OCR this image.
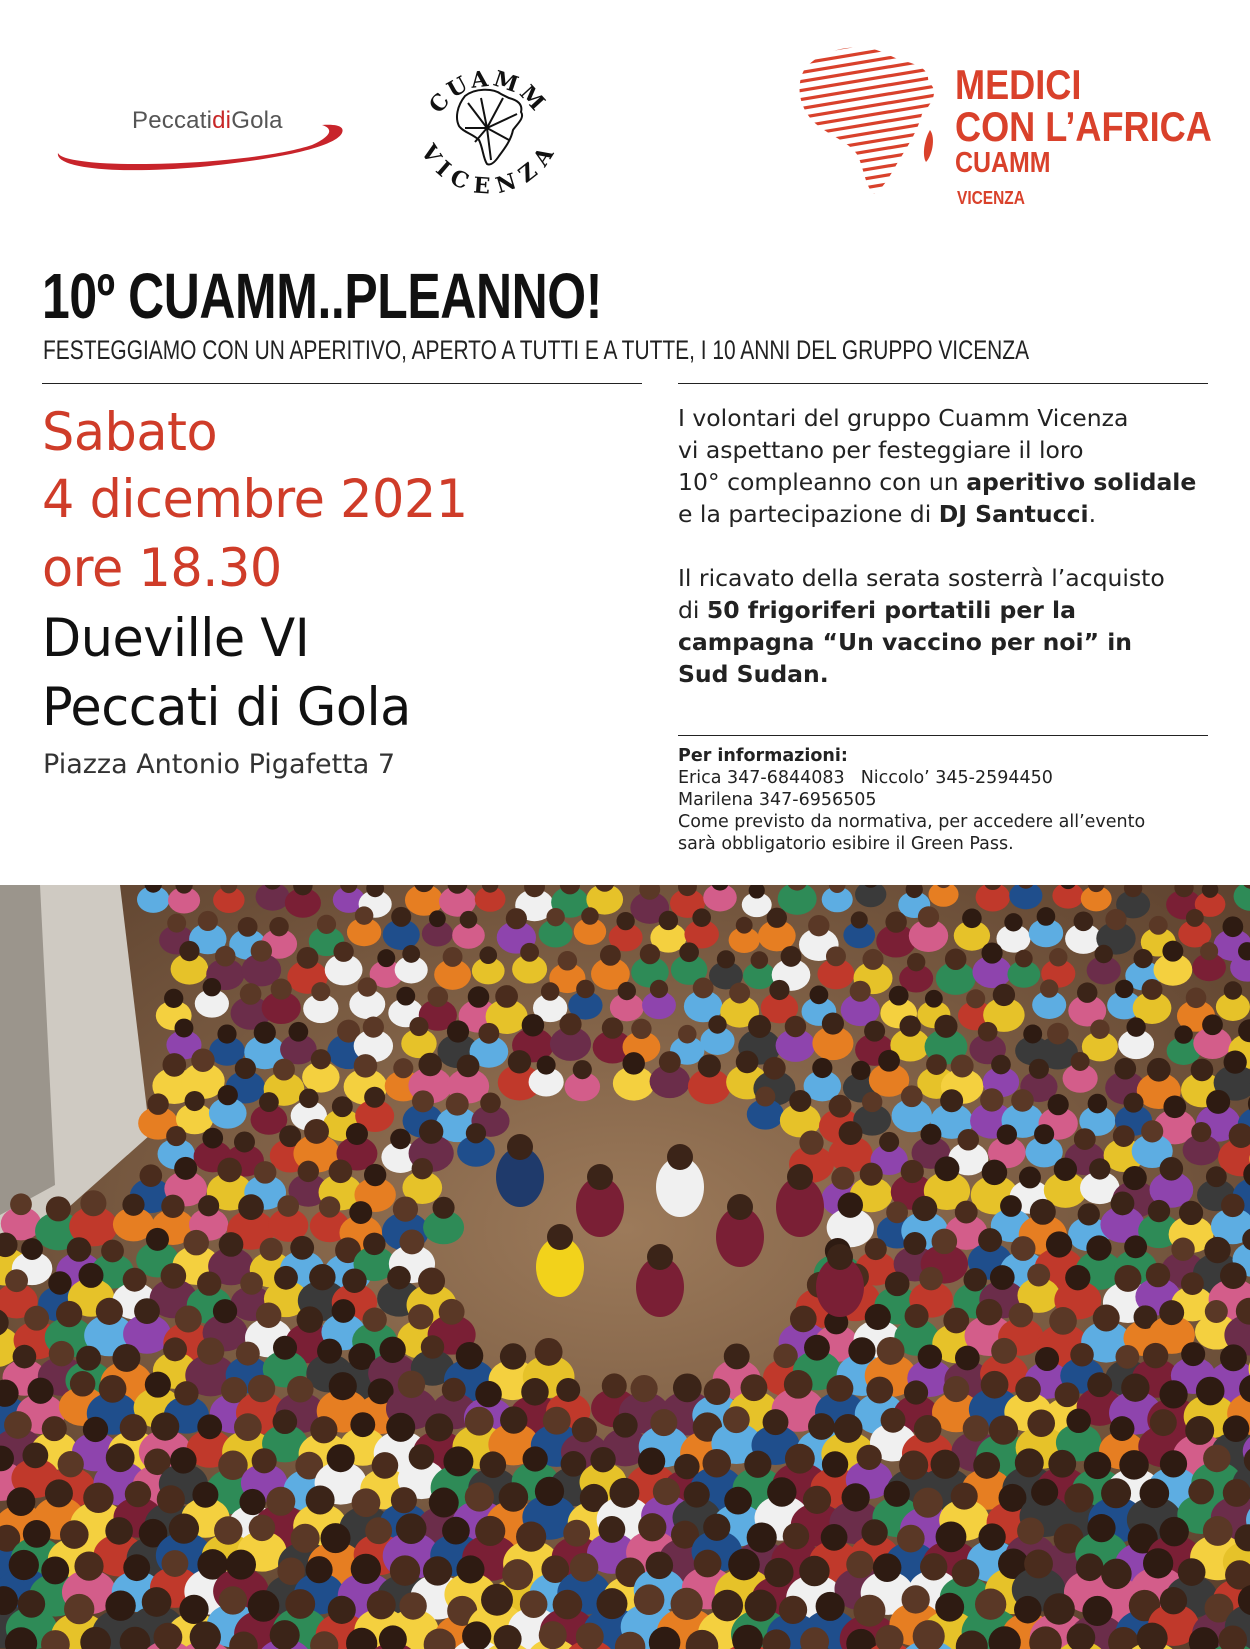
PeccatidiGola
CUAMM
VICENZA
MEDICI
CON L’AFRICA
CUAMM
VICENZA
10º CUAMM..PLEANNO!
FESTEGGIAMO CON UN APERITIVO, APERTO A TUTTI E A TUTTE, I 10 ANNI DEL GRUPPO VICENZA
Sabato
4 dicembre 2021
ore 18.30
Dueville VI
Peccati di Gola
Piazza Antonio Pigafetta 7
I volontari del gruppo Cuamm Vicenza
vi aspettano per festeggiare il loro
10° compleanno con un aperitivo solidale
e la partecipazione di DJ Santucci.
Il ricavato della serata sosterrà l’acquisto
di 50 frigoriferi portatili per la
campagna “Un vaccino per noi” in
Sud Sudan.
Per informazioni:
Erica 347-6844083 Niccolo’ 345-2594450
Marilena 347-6956505
Come previsto da normativa, per accedere all’evento
sarà obbligatorio esibire il Green Pass.
